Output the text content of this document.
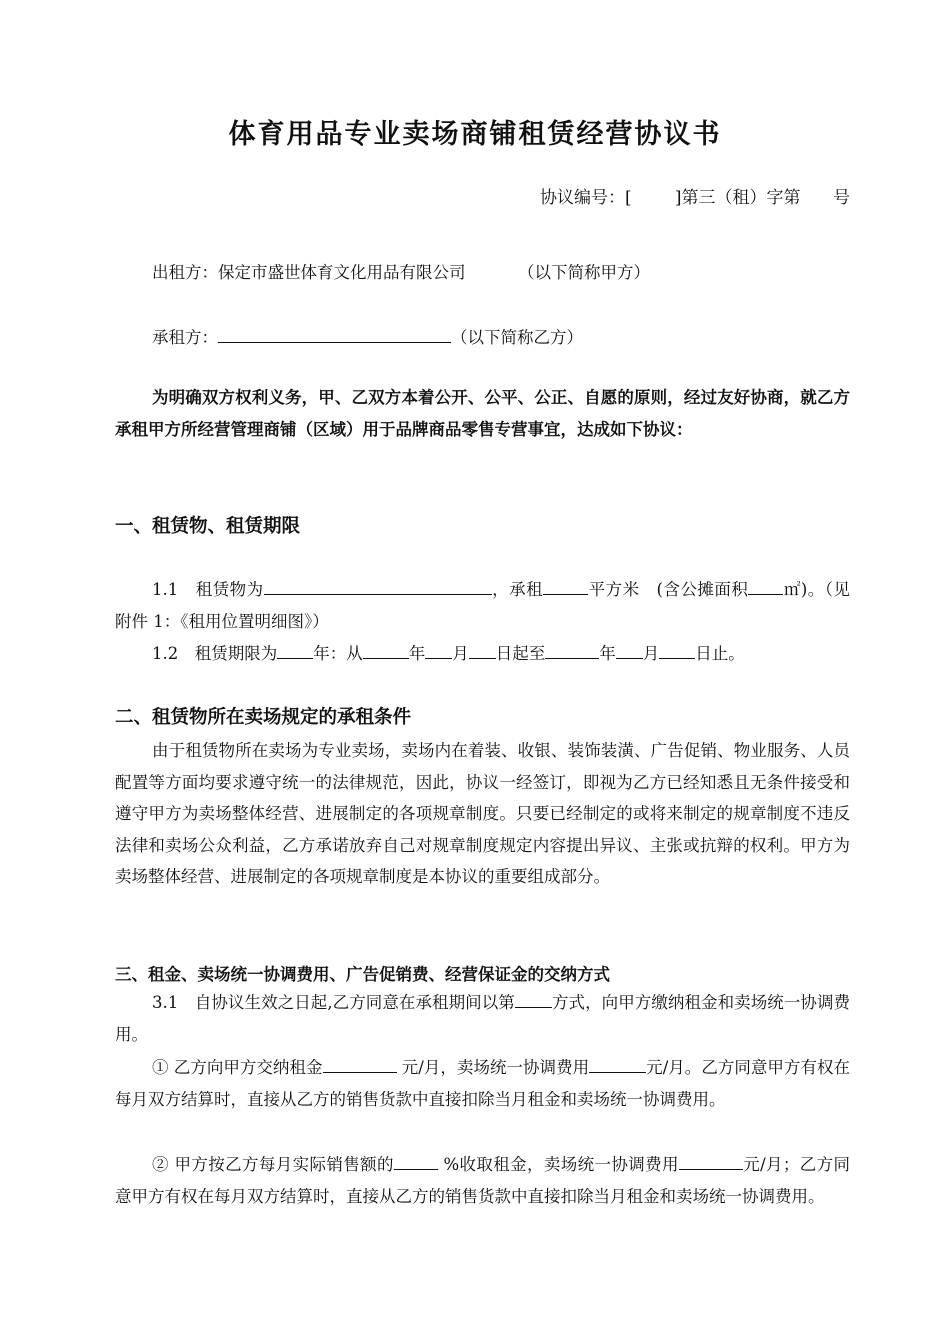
体育用品专业卖场商铺租赁经营协议书
协议编号：[	]第三（租）字第 号

出租方：保定市盛世体育文化用品有限公司	（以下简称甲方）

承租方：	（以下简称乙方）

为明确双方权利义务，甲、乙双方本着公开、公平、公正、自愿的原则，经过友好协商，就乙方承租甲方所经营管理商铺（区域）用于品牌商品零售专营事宜，达成如下协议：

一、租赁物、租赁期限

1.1　租赁物为	，承租	平方米　(含公摊面积 ㎡)。（见附件 1：《租用位置明细图》）

1.2　租赁期限为 年：从	年 月 日起至	年 月 日止。

二、租赁物所在卖场规定的承租条件

由于租赁物所在卖场为专业卖场，卖场内在着装、收银、装饰装潢、广告促销、物业服务、人员配置等方面均要求遵守统一的法律规范，因此，协议一经签订，即视为乙方已经知悉且无条件接受和遵守甲方为卖场整体经营、进展制定的各项规章制度。只要已经制定的或将来制定的规章制度不违反法律和卖场公众利益，乙方承诺放弃自己对规章制度规定内容提出异议、主张或抗辩的权利。甲方为卖场整体经营、进展制定的各项规章制度是本协议的重要组成部分。

三、租金、卖场统一协调费用、广告促销费、经营保证金的交纳方式

3.1　自协议生效之日起,乙方同意在承租期间以第 方式，向甲方缴纳租金和卖场统一协调费用。

① 乙方向甲方交纳租金	元/月，卖场统一协调费用	元/月。乙方同意甲方有权在每月双方结算时，直接从乙方的销售货款中直接扣除当月租金和卖场统一协调费用。

② 甲方按乙方每月实际销售额的	%收取租金，卖场统一协调费用	元/月；乙方同意甲方有权在每月双方结算时，直接从乙方的销售货款中直接扣除当月租金和卖场统一协调费用。
